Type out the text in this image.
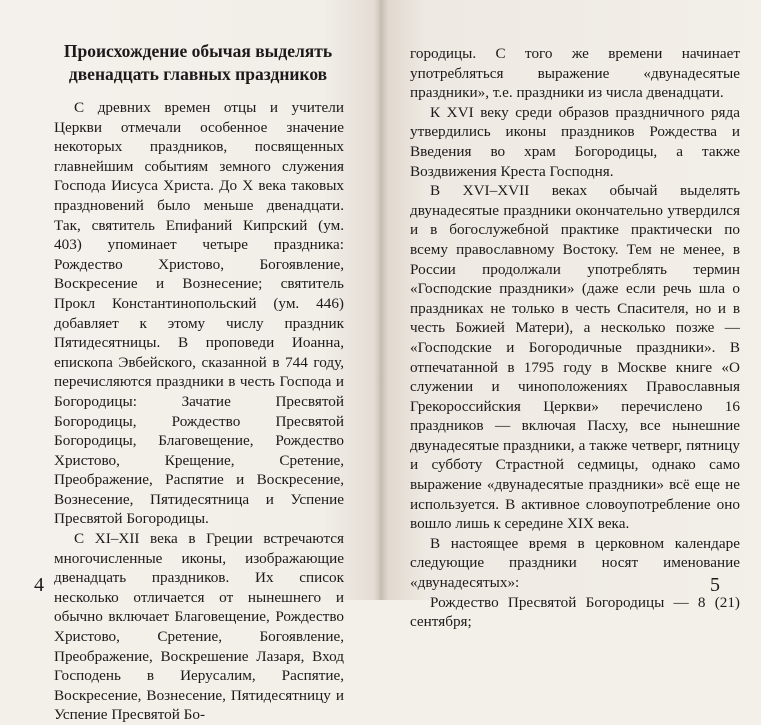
Происхождение обычая выделять
двенадцать главных праздников

С древних времен отцы и учители Церкви отмечали особенное значение некоторых праздников, посвященных главнейшим событиям земного служения Господа Иисуса Христа. До X века таковых праздновений было меньше двенадцати. Так, святитель Епифаний Кипрский (ум. 403) упоминает четыре праздника: Рождество Христово, Богоявление, Воскресение и Вознесение; святитель Прокл Константинопольский (ум. 446) добавляет к этому числу праздник Пятидесятницы. В проповеди Иоанна, епископа Эвбейского, сказанной в 744 году, перечисляются праздники в честь Господа и Богородицы: Зачатие Пресвятой Богородицы, Рождество Пресвятой Богородицы, Благовещение, Рождество Христово, Крещение, Сретение, Преображение, Распятие и Воскресение, Вознесение, Пятидесятница и Успение Пресвятой Богородицы.

С XI–XII века в Греции встречаются многочисленные иконы, изображающие двенадцать праздников. Их список несколько отличается от нынешнего и обычно включает Благовещение, Рождество Христово, Сретение, Богоявление, Преображение, Воскрешение Лазаря, Вход Господень в Иерусалим, Распятие, Воскресение, Вознесение, Пятидесятницу и Успение Пресвятой Бо-

4

городицы. С того же времени начинает употребляться выражение «двунадесятые праздники», т.е. праздники из числа двенадцати.

К XVI веку среди образов праздничного ряда утвердились иконы праздников Рождества и Введения во храм Богородицы, а также Воздвижения Креста Господня.

В XVI–XVII веках обычай выделять двунадесятые праздники окончательно утвердился и в богослужебной практике практически по всему православному Востоку. Тем не менее, в России продолжали употреблять термин «Господские праздники» (даже если речь шла о праздниках не только в честь Спасителя, но и в честь Божией Матери), а несколько позже — «Господские и Богородичные праздники». В отпечатанной в 1795 году в Москве книге «О служении и чиноположениях Православныя Грекороссийския Церкви» перечислено 16 праздников — включая Пасху, все нынешние двунадесятые праздники, а также четверг, пятницу и субботу Страстной седмицы, однако само выражение «двунадесятые праздники» всё еще не используется. В активное словоупотребление оно вошло лишь к середине XIX века.

В настоящее время в церковном календаре следующие праздники носят именование «двунадесятых»:

Рождество Пресвятой Богородицы — 8 (21) сентября;

5
